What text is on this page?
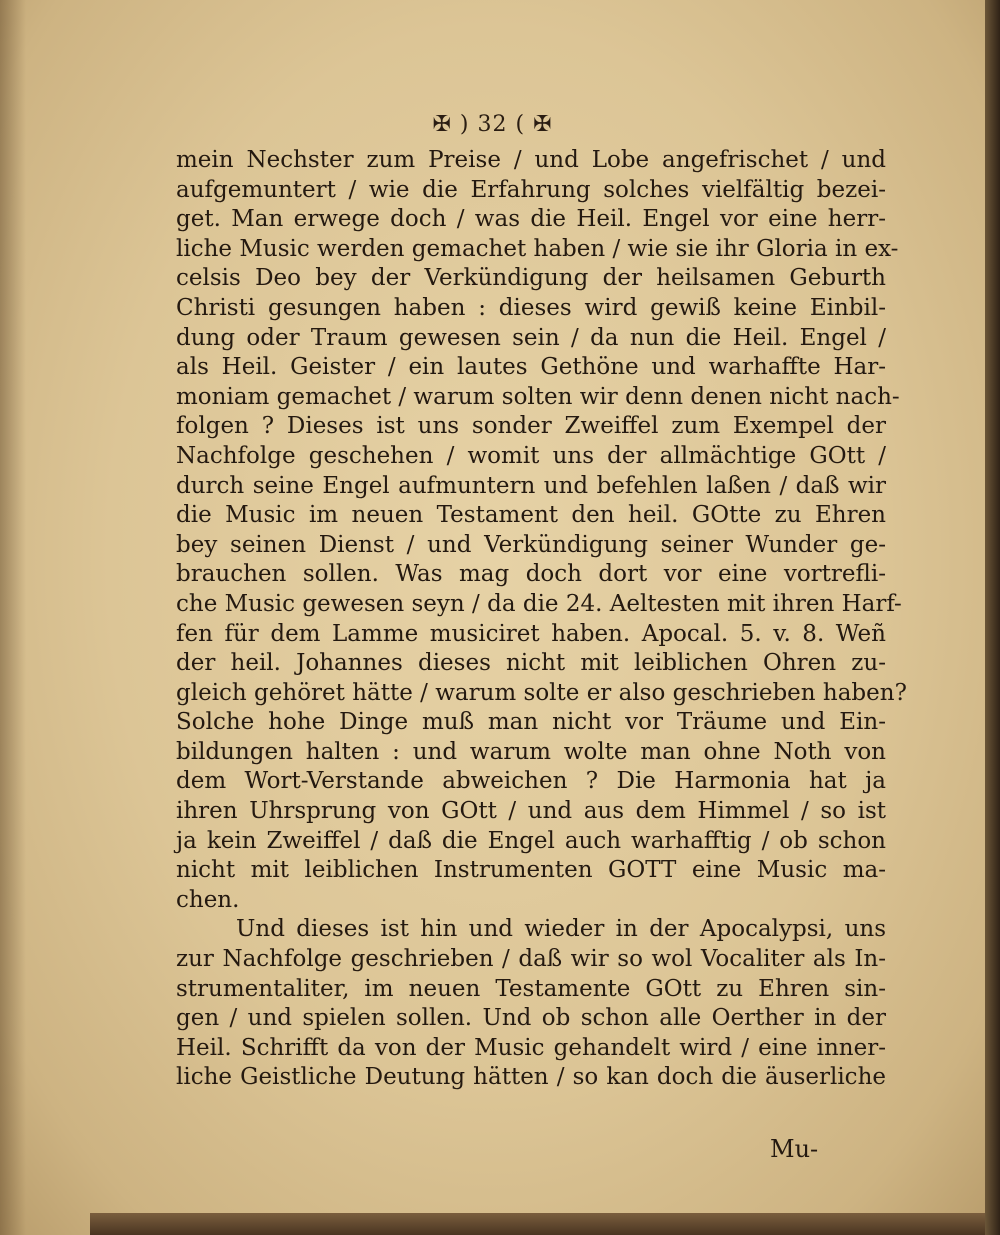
✠ ) 32 ( ✠
mein Nechster zum Preise / und Lobe angefrischet / und
aufgemuntert / wie die Erfahrung solches vielfältig bezei-
get. Man erwege doch / was die Heil. Engel vor eine herr-
liche Music werden gemachet haben / wie sie ihr Gloria in ex-
celsis Deo bey der Verkündigung der heilsamen Geburth
Christi gesungen haben : dieses wird gewiß keine Einbil-
dung oder Traum gewesen sein / da nun die Heil. Engel /
als Heil. Geister / ein lautes Gethöne und warhaffte Har-
moniam gemachet / warum solten wir denn denen nicht nach-
folgen ? Dieses ist uns sonder Zweiffel zum Exempel der
Nachfolge geschehen / womit uns der allmächtige GOtt /
durch seine Engel aufmuntern und befehlen laßen / daß wir
die Music im neuen Testament den heil. GOtte zu Ehren
bey seinen Dienst / und Verkündigung seiner Wunder ge-
brauchen sollen. Was mag doch dort vor eine vortrefli-
che Music gewesen seyn / da die 24. Aeltesten mit ihren Harf-
fen für dem Lamme musiciret haben. Apocal. 5. v. 8. Weñ
der heil. Johannes dieses nicht mit leiblichen Ohren zu-
gleich gehöret hätte / warum solte er also geschrieben haben?
Solche hohe Dinge muß man nicht vor Träume und Ein-
bildungen halten : und warum wolte man ohne Noth von
dem Wort-Verstande abweichen ? Die Harmonia hat ja
ihren Uhrsprung von GOtt / und aus dem Himmel / so ist
ja kein Zweiffel / daß die Engel auch warhafftig / ob schon
nicht mit leiblichen Instrumenten GOTT eine Music ma-
chen.
Und dieses ist hin und wieder in der Apocalypsi, uns
zur Nachfolge geschrieben / daß wir so wol Vocaliter als In-
strumentaliter, im neuen Testamente GOtt zu Ehren sin-
gen / und spielen sollen. Und ob schon alle Oerther in der
Heil. Schrifft da von der Music gehandelt wird / eine inner-
liche Geistliche Deutung hätten / so kan doch die äuserliche
Mu-
